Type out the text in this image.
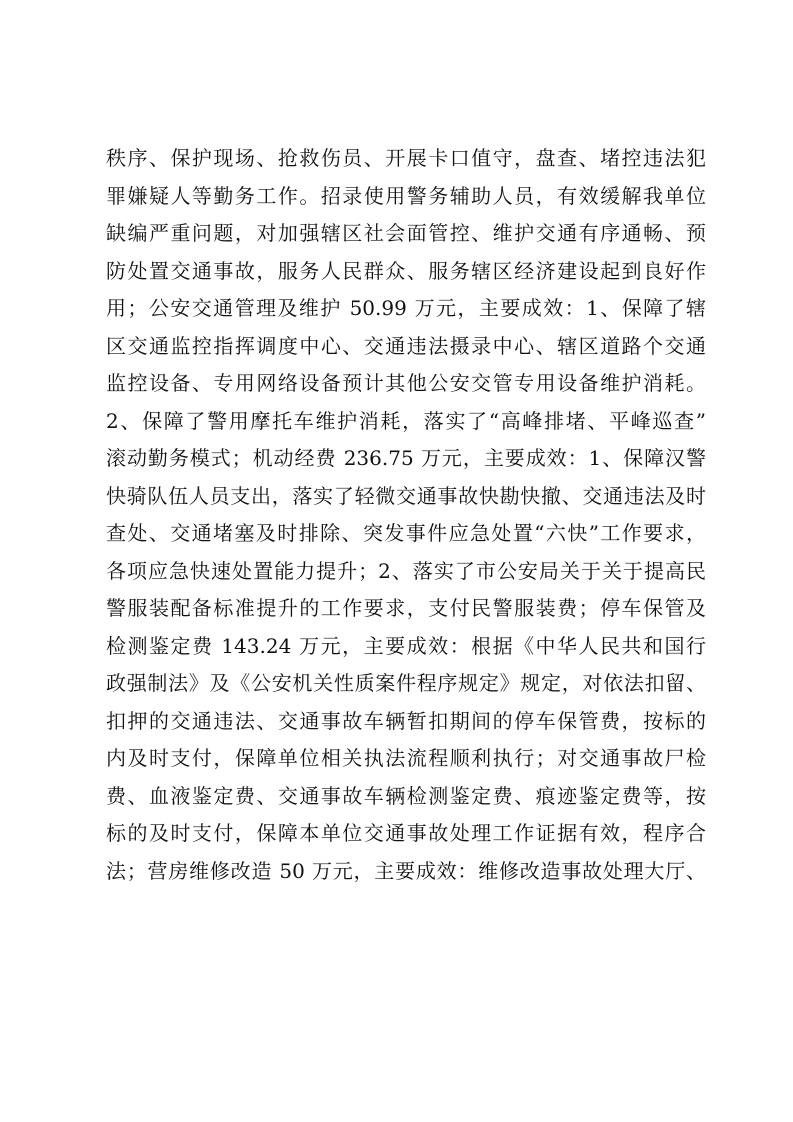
秩序、保护现场、抢救伤员、开展卡口值守，盘查、堵控违法犯
罪嫌疑人等勤务工作。招录使用警务辅助人员，有效缓解我单位
缺编严重问题，对加强辖区社会面管控、维护交通有序通畅、预
防处置交通事故，服务人民群众、服务辖区经济建设起到良好作
用；公安交通管理及维护 50.99 万元，主要成效：1、保障了辖
区交通监控指挥调度中心、交通违法摄录中心、辖区道路个交通
监控设备、专用网络设备预计其他公安交管专用设备维护消耗。
2、保障了警用摩托车维护消耗，落实了“高峰排堵、平峰巡查”
滚动勤务模式；机动经费 236.75 万元，主要成效：1、保障汉警
快骑队伍人员支出，落实了轻微交通事故快勘快撤、交通违法及时
查处、交通堵塞及时排除、突发事件应急处置“六快”工作要求，
各项应急快速处置能力提升；2、落实了市公安局关于关于提高民
警服装配备标准提升的工作要求，支付民警服装费；停车保管及
检测鉴定费 143.24 万元，主要成效：根据《中华人民共和国行
政强制法》及《公安机关性质案件程序规定》规定，对依法扣留、
扣押的交通违法、交通事故车辆暂扣期间的停车保管费，按标的
内及时支付，保障单位相关执法流程顺利执行；对交通事故尸检
费、血液鉴定费、交通事故车辆检测鉴定费、痕迹鉴定费等，按
标的及时支付，保障本单位交通事故处理工作证据有效，程序合
法；营房维修改造 50 万元，主要成效：维修改造事故处理大厅、
